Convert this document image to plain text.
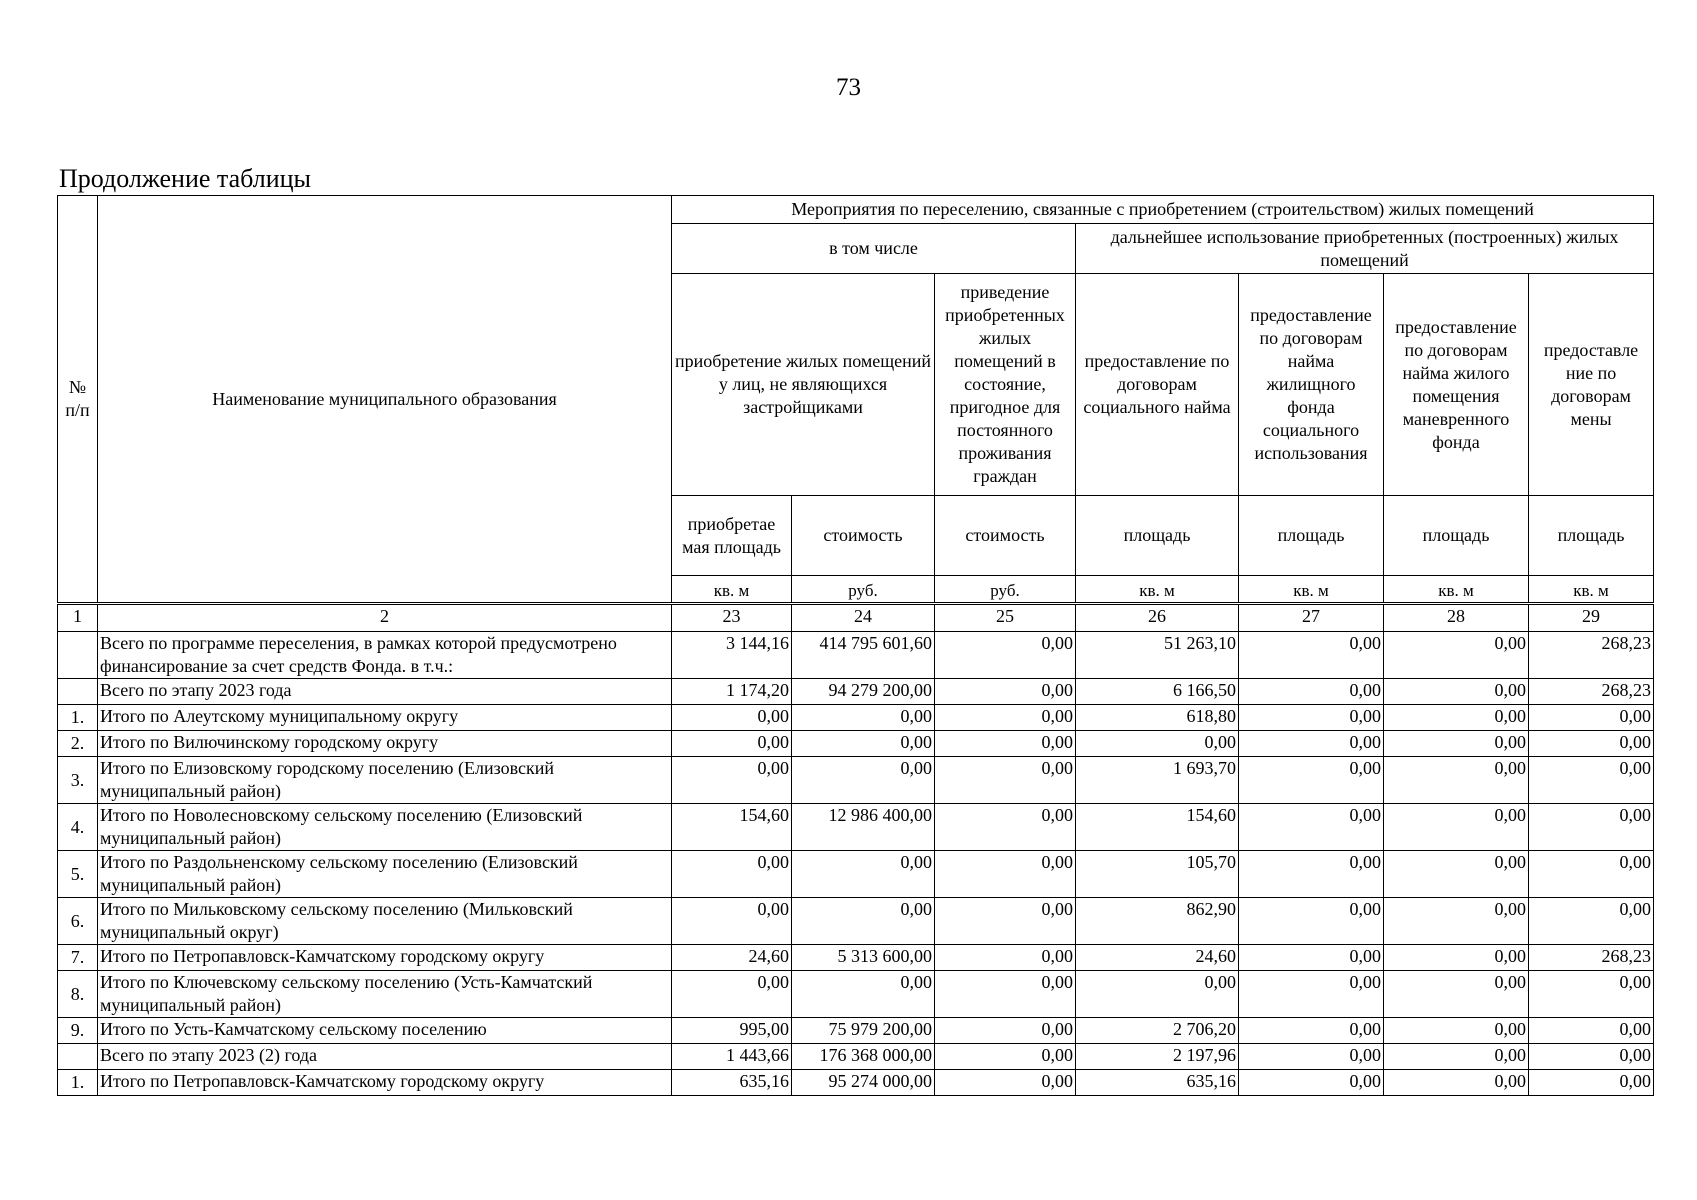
73
Продолжение таблицы
№ п/п	Наименование муниципального образования	Мероприятия по переселению, связанные с приобретением (строительством) жилых помещений						
		в том числе			дальнейшее использование приобретенных (построенных) жилых помещений			
		приобретение жилых помещений у лиц, не являющихся застройщиками		приведение приобретенных жилых помещений в состояние, пригодное для постоянного проживания граждан	предоставление по договорам социального найма	предоставление по договорам найма жилищного фонда социального использования	предоставление по договорам найма жилого помещения маневренного фонда	предоставле ние по договорам мены
		приобретае мая площадь	стоимость	стоимость	площадь	площадь	площадь	площадь
		кв. м	руб.	руб.	кв. м	кв. м	кв. м	кв. м
1	2	23	24	25	26	27	28	29
	Всего по программе переселения, в рамках которой предусмотрено финансирование за счет средств Фонда. в т.ч.:	3 144,16	414 795 601,60	0,00	51 263,10	0,00	0,00	268,23
	Всего по этапу 2023 года	1 174,20	94 279 200,00	0,00	6 166,50	0,00	0,00	268,23
1.	Итого по Алеутскому муниципальному округу	0,00	0,00	0,00	618,80	0,00	0,00	0,00
2.	Итого по Вилючинскому городскому округу	0,00	0,00	0,00	0,00	0,00	0,00	0,00
3.	Итого по Елизовскому городскому поселению (Елизовский муниципальный район)	0,00	0,00	0,00	1 693,70	0,00	0,00	0,00
4.	Итого по Новолесновскому сельскому поселению (Елизовский муниципальный район)	154,60	12 986 400,00	0,00	154,60	0,00	0,00	0,00
5.	Итого по Раздольненскому сельскому поселению (Елизовский муниципальный район)	0,00	0,00	0,00	105,70	0,00	0,00	0,00
6.	Итого по Мильковскому сельскому поселению (Мильковский муниципальный округ)	0,00	0,00	0,00	862,90	0,00	0,00	0,00
7.	Итого по Петропавловск-Камчатскому городскому округу	24,60	5 313 600,00	0,00	24,60	0,00	0,00	268,23
8.	Итого по Ключевскому сельскому поселению (Усть-Камчатский муниципальный район)	0,00	0,00	0,00	0,00	0,00	0,00	0,00
9.	Итого по Усть-Камчатскому сельскому поселению	995,00	75 979 200,00	0,00	2 706,20	0,00	0,00	0,00
	Всего по этапу 2023 (2) года	1 443,66	176 368 000,00	0,00	2 197,96	0,00	0,00	0,00
1.	Итого по Петропавловск-Камчатскому городскому округу	635,16	95 274 000,00	0,00	635,16	0,00	0,00	0,00
